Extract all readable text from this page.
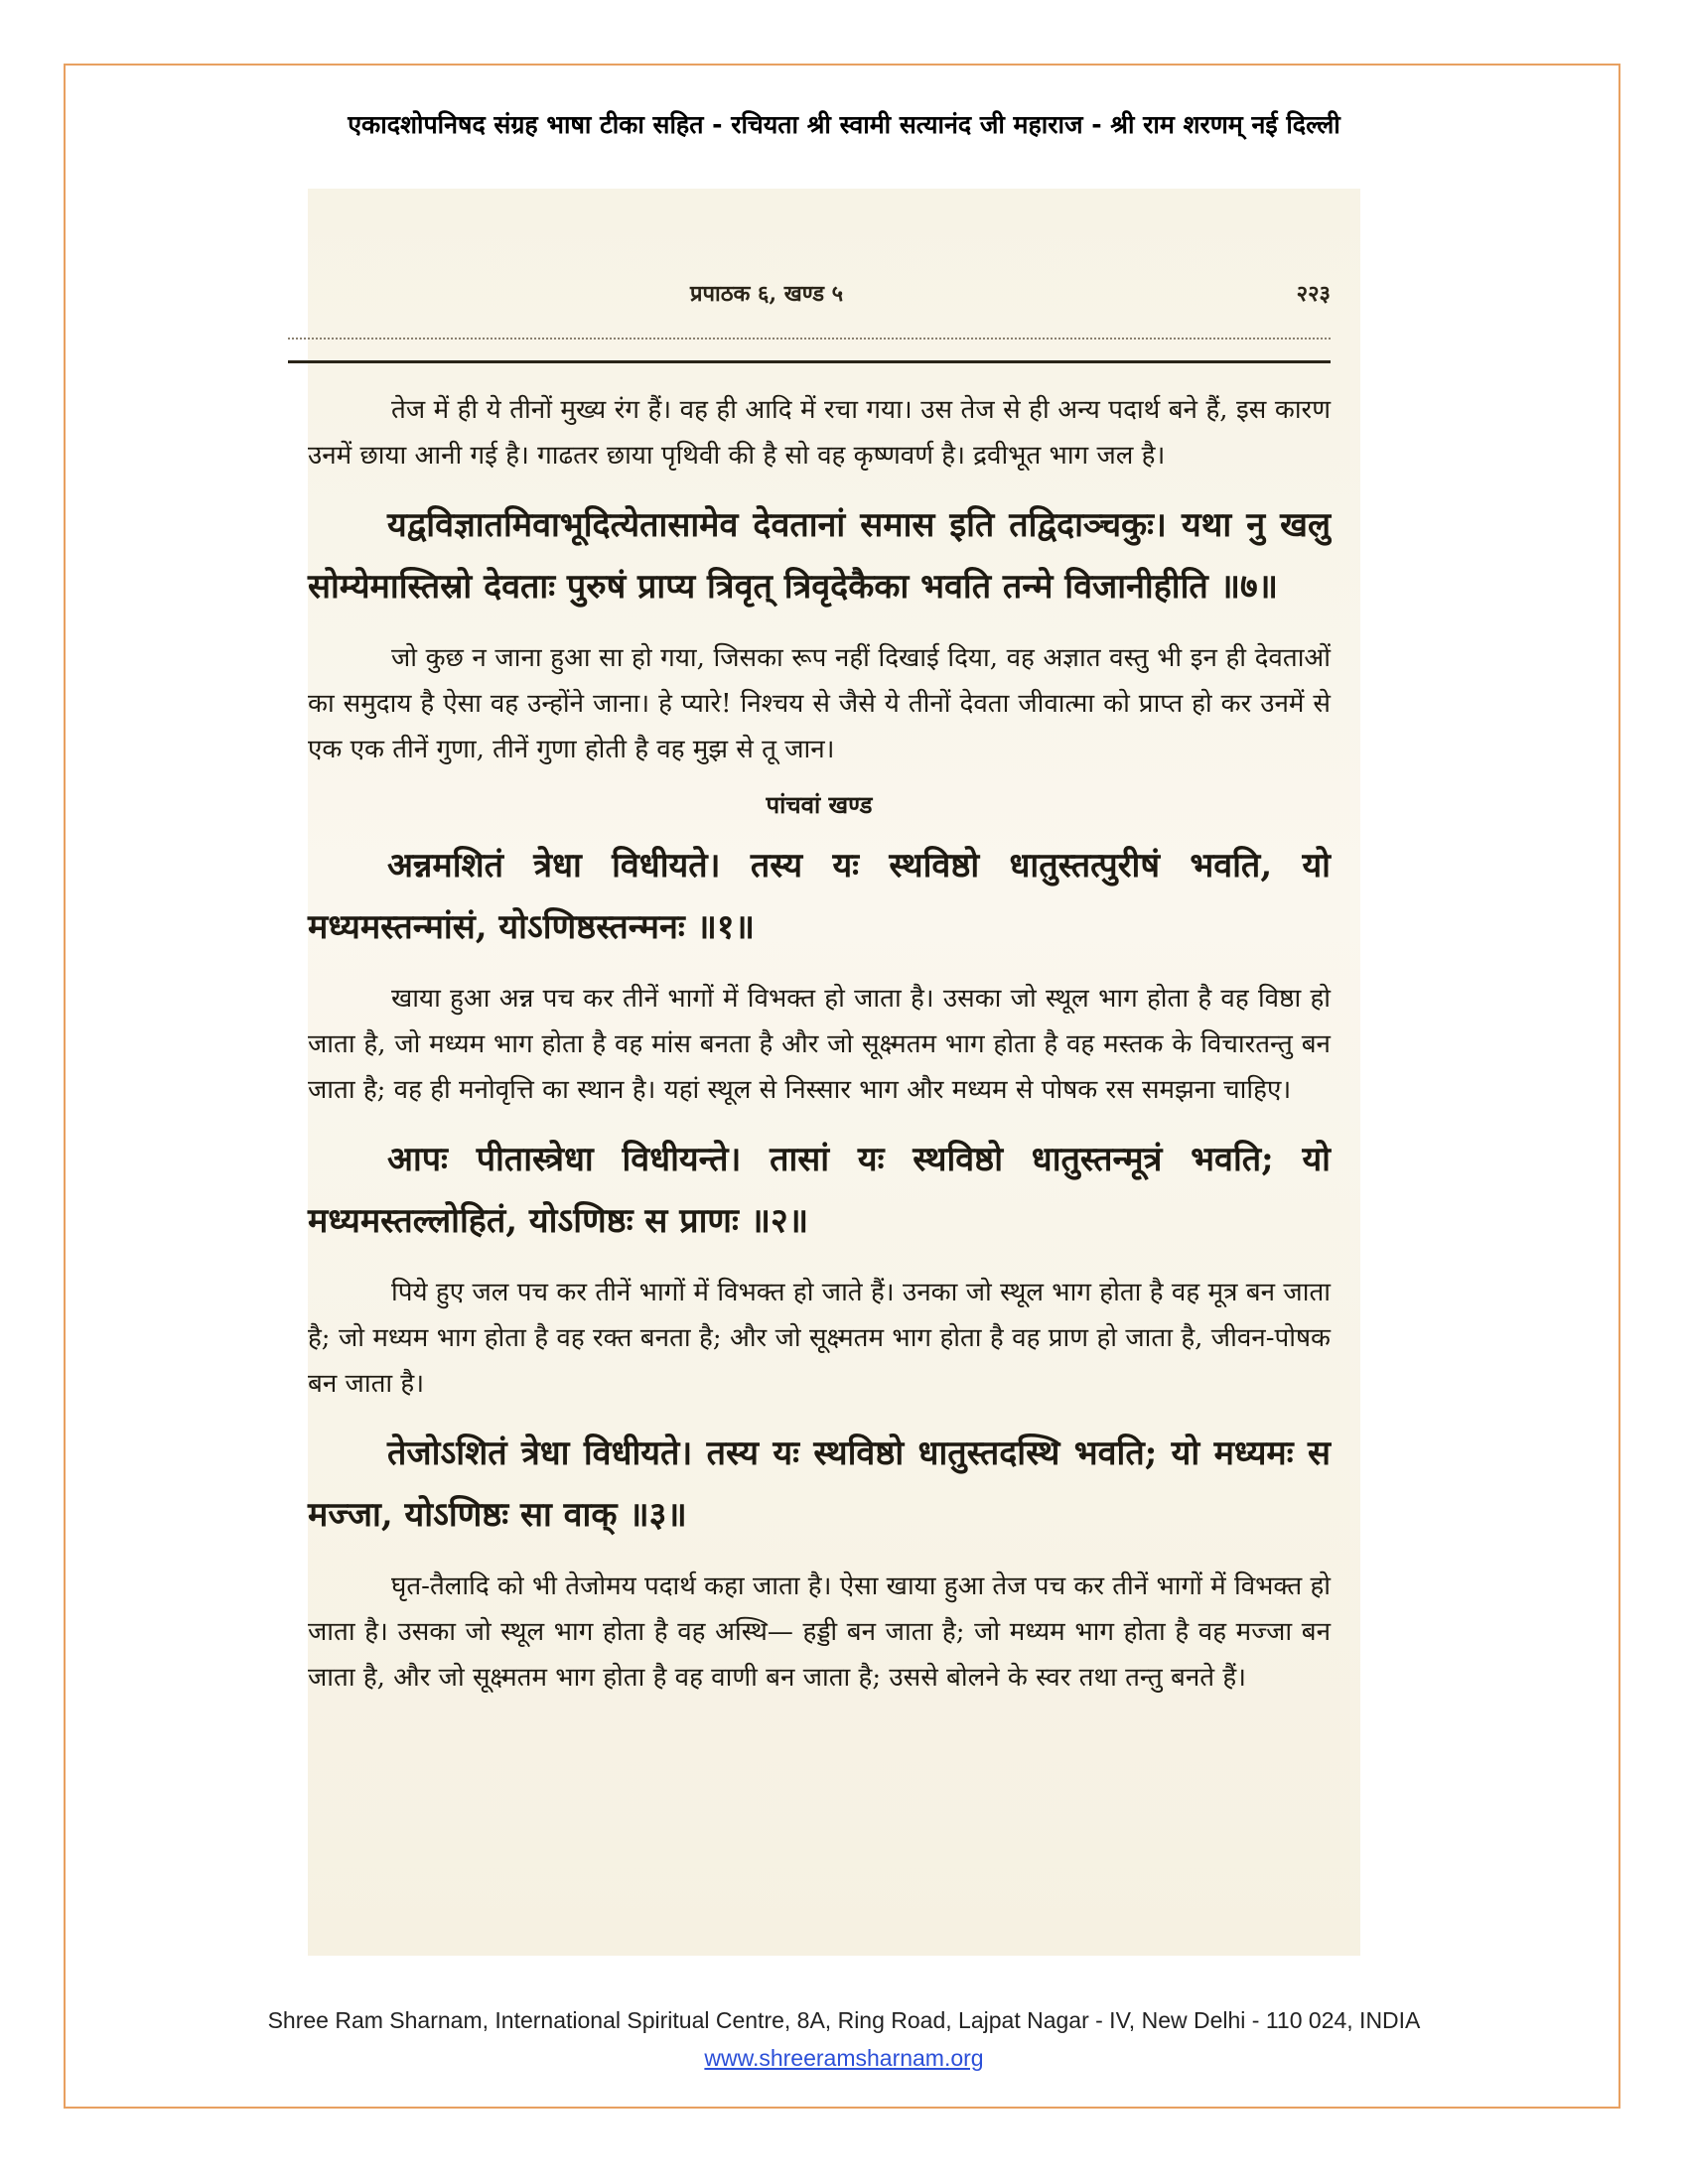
एकादशोपनिषद संग्रह भाषा टीका सहित - रचियता श्री स्वामी सत्यानंद जी महाराज - श्री राम शरणम् नई दिल्ली
प्रपाठक ६, खण्ड ५	२२३

तेज में ही ये तीनों मुख्य रंग हैं। वह ही आदि में रचा गया। उस तेज से ही अन्य पदार्थ बने हैं, इस कारण उनमें छाया आनी गई है। गाढतर छाया पृथिवी की है सो वह कृष्णवर्ण है। द्रवीभूत भाग जल है।

यद्वविज्ञातमिवाभूदित्येतासामेव देवतानां समास इति तद्विदाञ्चकुः। यथा नु खलु सोम्येमास्तिस्रो देवताः पुरुषं प्राप्य त्रिवृत् त्रिवृदेकैका भवति तन्मे विजानीहीति ॥७॥

जो कुछ न जाना हुआ सा हो गया, जिसका रूप नहीं दिखाई दिया, वह अज्ञात वस्तु भी इन ही देवताओं का समुदाय है ऐसा वह उन्होंने जाना। हे प्यारे! निश्चय से जैसे ये तीनों देवता जीवात्मा को प्राप्त हो कर उनमें से एक एक तीनें गुणा, तीनें गुणा होती है वह मुझ से तू जान।

पांचवां खण्ड

अन्नमशितं त्रेधा विधीयते। तस्य यः स्थविष्ठो धातुस्तत्पुरीषं भवति, यो मध्यमस्तन्मांसं, योऽणिष्ठस्तन्मनः ॥१॥

खाया हुआ अन्न पच कर तीनें भागों में विभक्त हो जाता है। उसका जो स्थूल भाग होता है वह विष्ठा हो जाता है, जो मध्यम भाग होता है वह मांस बनता है और जो सूक्ष्मतम भाग होता है वह मस्तक के विचारतन्तु बन जाता है; वह ही मनोवृत्ति का स्थान है। यहां स्थूल से निस्सार भाग और मध्यम से पोषक रस समझना चाहिए।

आपः पीतास्त्रेधा विधीयन्ते। तासां यः स्थविष्ठो धातुस्तन्मूत्रं भवति; यो मध्यमस्तल्लोहितं, योऽणिष्ठः स प्राणः ॥२॥

पिये हुए जल पच कर तीनें भागों में विभक्त हो जाते हैं। उनका जो स्थूल भाग होता है वह मूत्र बन जाता है; जो मध्यम भाग होता है वह रक्त बनता है; और जो सूक्ष्मतम भाग होता है वह प्राण हो जाता है, जीवन-पोषक बन जाता है।

तेजोऽशितं त्रेधा विधीयते। तस्य यः स्थविष्ठो धातुस्तदस्थि भवति; यो मध्यमः स मज्जा, योऽणिष्ठः सा वाक् ॥३॥

घृत-तैलादि को भी तेजोमय पदार्थ कहा जाता है। ऐसा खाया हुआ तेज पच कर तीनें भागों में विभक्त हो जाता है। उसका जो स्थूल भाग होता है वह अस्थि— हड्डी बन जाता है; जो मध्यम भाग होता है वह मज्जा बन जाता है, और जो सूक्ष्मतम भाग होता है वह वाणी बन जाता है; उससे बोलने के स्वर तथा तन्तु बनते हैं।

Shree Ram Sharnam, International Spiritual Centre, 8A, Ring Road, Lajpat Nagar - IV, New Delhi - 110 024, INDIA
www.shreeramsharnam.org
